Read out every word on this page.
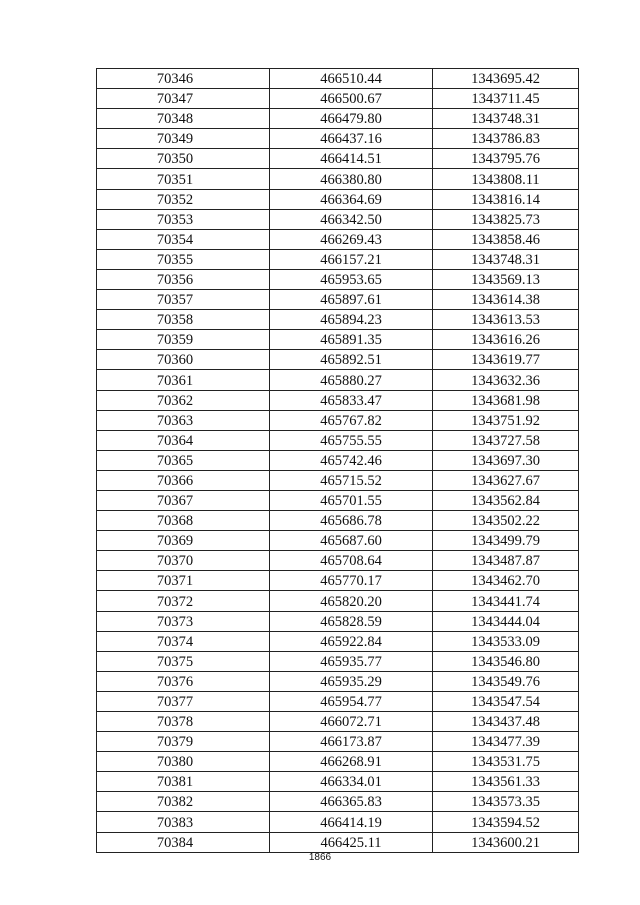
70346	466510.44	1343695.42
70347	466500.67	1343711.45
70348	466479.80	1343748.31
70349	466437.16	1343786.83
70350	466414.51	1343795.76
70351	466380.80	1343808.11
70352	466364.69	1343816.14
70353	466342.50	1343825.73
70354	466269.43	1343858.46
70355	466157.21	1343748.31
70356	465953.65	1343569.13
70357	465897.61	1343614.38
70358	465894.23	1343613.53
70359	465891.35	1343616.26
70360	465892.51	1343619.77
70361	465880.27	1343632.36
70362	465833.47	1343681.98
70363	465767.82	1343751.92
70364	465755.55	1343727.58
70365	465742.46	1343697.30
70366	465715.52	1343627.67
70367	465701.55	1343562.84
70368	465686.78	1343502.22
70369	465687.60	1343499.79
70370	465708.64	1343487.87
70371	465770.17	1343462.70
70372	465820.20	1343441.74
70373	465828.59	1343444.04
70374	465922.84	1343533.09
70375	465935.77	1343546.80
70376	465935.29	1343549.76
70377	465954.77	1343547.54
70378	466072.71	1343437.48
70379	466173.87	1343477.39
70380	466268.91	1343531.75
70381	466334.01	1343561.33
70382	466365.83	1343573.35
70383	466414.19	1343594.52
70384	466425.11	1343600.21
1866
